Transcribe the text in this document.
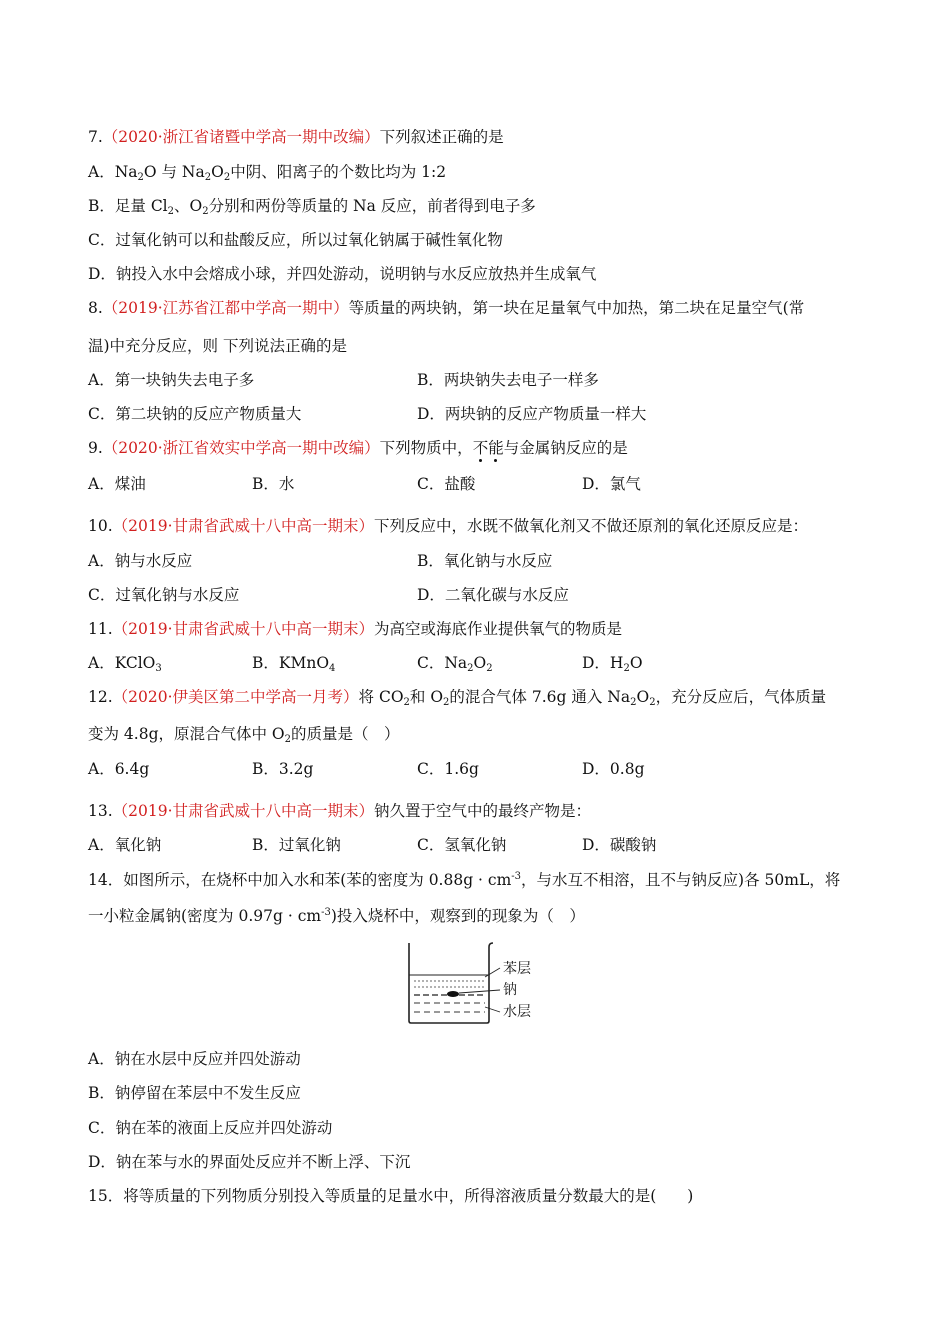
7.（2020·浙江省诸暨中学高一期中改编）下列叙述正确的是
A．$Na_2O$ 与 $Na_2O_2$中阴、阳离子的个数比均为 1:2
B．足量 $Cl_2$、$O_2$分别和两份等质量的 Na 反应，前者得到电子多
C．过氧化钠可以和盐酸反应，所以过氧化钠属于碱性氧化物
D．钠投入水中会熔成小球，并四处游动，说明钠与水反应放热并生成氧气
8.（2019·江苏省江都中学高一期中）等质量的两块钠，第一块在足量氧气中加热，第二块在足量空气(常
温)中充分反应，则 下列说法正确的是
A．第一块钠失去电子多	B．两块钠失去电子一样多
C．第二块钠的反应产物质量大	D．两块钠的反应产物质量一样大
9.（2020·浙江省效实中学高一期中改编）下列物质中，不能与金属钠反应的是
A．煤油	B．水	C．盐酸	D．氯气
10.（2019·甘肃省武威十八中高一期末）下列反应中，水既不做氧化剂又不做还原剂的氧化还原反应是：
A．钠与水反应	B．氧化钠与水反应
C．过氧化钠与水反应	D．二氧化碳与水反应
11.（2019·甘肃省武威十八中高一期末）为高空或海底作业提供氧气的物质是
A．KClO$_3$	B．KMnO$_4$	C．$Na_2O_2$	D．$H_2O$
12.（2020·伊美区第二中学高一月考）将 $CO_2$和 $O_2$的混合气体 7.6g 通入 $Na_2O_2$，充分反应后，气体质量
变为 4.8g，原混合气体中 $O_2$的质量是（　）
A．6.4g	B．3.2g	C．1.6g	D．0.8g
13.（2019·甘肃省武威十八中高一期末）钠久置于空气中的最终产物是：
A．氧化钠	B．过氧化钠	C．氢氧化钠	D．碳酸钠
14．如图所示，在烧杯中加入水和苯(苯的密度为 $0.88g \cdot cm^{-3}$，与水互不相溶，且不与钠反应)各 50mL，将
一小粒金属钠(密度为 $0.97g \cdot cm^{-3}$)投入烧杯中，观察到的现象为（　）
苯层
钠
水层
A．钠在水层中反应并四处游动
B．钠停留在苯层中不发生反应
C．钠在苯的液面上反应并四处游动
D．钠在苯与水的界面处反应并不断上浮、下沉
15．将等质量的下列物质分别投入等质量的足量水中，所得溶液质量分数最大的是(　　)
